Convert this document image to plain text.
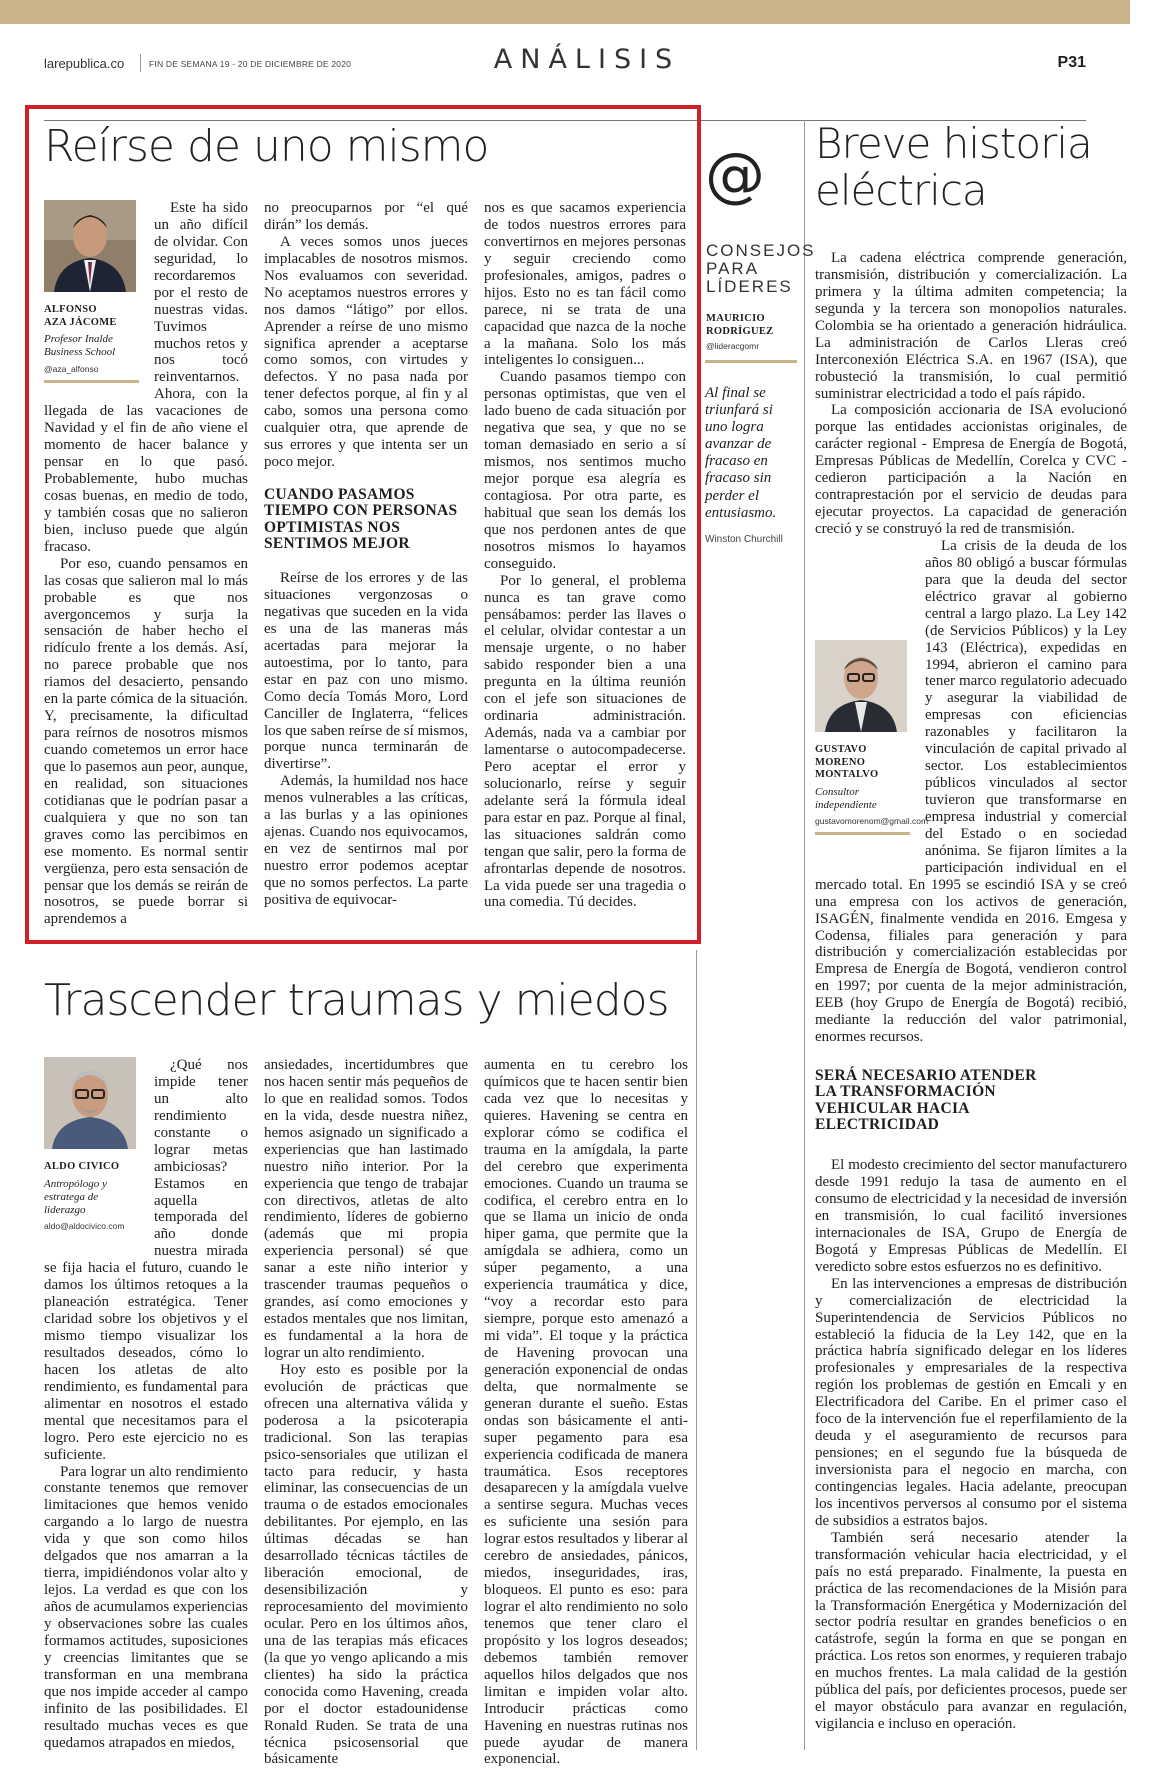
larepublica.co	FIN DE SEMANA 19 - 20 DE DICIEMBRE DE 2020	ANÁLISIS	P31
Reírse de uno mismo
ALFONSO
AZA JÁCOME
Profesor Inalde
Business School
@aza_alfonso

Este ha sido un año difícil de olvidar. Con seguridad, lo recordaremos por el resto de nuestras vidas. Tuvimos muchos retos y nos tocó reinventarnos.

Ahora, con la llegada de las vacaciones de Navidad y el fin de año viene el momento de hacer balance y pensar en lo que pasó. Probablemente, hubo muchas cosas buenas, en medio de todo, y también cosas que no salieron bien, incluso puede que algún fracaso.

Por eso, cuando pensamos en las cosas que salieron mal lo más probable es que nos avergoncemos y surja la sensación de haber hecho el ridículo frente a los demás. Así, no parece probable que nos riamos del desacierto, pensando en la parte cómica de la situación. Y, precisamente, la dificultad para reírnos de nosotros mismos cuando cometemos un error hace que lo pasemos aun peor, aunque, en realidad, son situaciones cotidianas que le podrían pasar a cualquiera y que no son tan graves como las percibimos en ese momento. Es normal sentir vergüenza, pero esta sensación de pensar que los demás se reirán de nosotros, se puede borrar si aprendemos a

no preocuparnos por “el qué dirán” los demás.

A veces somos unos jueces implacables de nosotros mismos. Nos evaluamos con severidad. No aceptamos nuestros errores y nos damos “látigo” por ellos. Aprender a reírse de uno mismo significa aprender a aceptarse como somos, con virtudes y defectos. Y no pasa nada por tener defectos porque, al fin y al cabo, somos una persona como cualquier otra, que aprende de sus errores y que intenta ser un poco mejor.

CUANDO PASAMOS TIEMPO CON PERSONAS OPTIMISTAS NOS SENTIMOS MEJOR

Reírse de los errores y de las situaciones vergonzosas o negativas que suceden en la vida es una de las maneras más acertadas para mejorar la autoestima, por lo tanto, para estar en paz con uno mismo. Como decía Tomás Moro, Lord Canciller de Inglaterra, “felices los que saben reírse de sí mismos, porque nunca terminarán de divertirse”.

Además, la humildad nos hace menos vulnerables a las críticas, a las burlas y a las opiniones ajenas. Cuando nos equivocamos, en vez de sentirnos mal por nuestro error podemos aceptar que no somos perfectos. La parte positiva de equivocar-

nos es que sacamos experiencia de todos nuestros errores para convertirnos en mejores personas y seguir creciendo como profesionales, amigos, padres o hijos. Esto no es tan fácil como parece, ni se trata de una capacidad que nazca de la noche a la mañana. Solo los más inteligentes lo consiguen...

Cuando pasamos tiempo con personas optimistas, que ven el lado bueno de cada situación por negativa que sea, y que no se toman demasiado en serio a sí mismos, nos sentimos mucho mejor porque esa alegría es contagiosa. Por otra parte, es habitual que sean los demás los que nos perdonen antes de que nosotros mismos lo hayamos conseguido.

Por lo general, el problema nunca es tan grave como pensábamos: perder las llaves o el celular, olvidar contestar a un mensaje urgente, o no haber sabido responder bien a una pregunta en la última reunión con el jefe son situaciones de ordinaria administración. Además, nada va a cambiar por lamentarse o autocompadecerse. Pero aceptar el error y solucionarlo, reírse y seguir adelante será la fórmula ideal para estar en paz. Porque al final, las situaciones saldrán como tengan que salir, pero la forma de afrontarlas depende de nosotros. La vida puede ser una tragedia o una comedia. Tú decides.

@
CONSEJOS
PARA
LÍDERES
MAURICIO
RODRÍGUEZ
@lideracgomr
Al final se triunfará si uno logra avanzar de fracaso en fracaso sin perder el entusiasmo.
Winston Churchill
Trascender traumas y miedos
ALDO CIVICO
Antropólogo y
estratega de
liderazgo
aldo@aldocivico.com

¿Qué nos impide tener un alto rendimiento constante o lograr metas ambiciosas? Estamos en aquella temporada del año donde nuestra mirada se fija hacia el futuro, cuando le damos los últimos retoques a la planeación estratégica. Tener claridad sobre los objetivos y el mismo tiempo visualizar los resultados deseados, cómo lo hacen los atletas de alto rendimiento, es fundamental para alimentar en nosotros el estado mental que necesitamos para el logro. Pero este ejercicio no es suficiente.

Para lograr un alto rendimiento constante tenemos que remover limitaciones que hemos venido cargando a lo largo de nuestra vida y que son como hilos delgados que nos amarran a la tierra, impidiéndonos volar alto y lejos. La verdad es que con los años de acumulamos experiencias y observaciones sobre las cuales formamos actitudes, suposiciones y creencias limitantes que se transforman en una membrana que nos impide acceder al campo infinito de las posibilidades. El resultado muchas veces es que quedamos atrapados en miedos,

ansiedades, incertidumbres que nos hacen sentir más pequeños de lo que en realidad somos. Todos en la vida, desde nuestra niñez, hemos asignado un significado a experiencias que han lastimado nuestro niño interior. Por la experiencia que tengo de trabajar con directivos, atletas de alto rendimiento, líderes de gobierno (además que mi propia experiencia personal) sé que sanar a este niño interior y trascender traumas pequeños o grandes, así como emociones y estados mentales que nos limitan, es fundamental a la hora de lograr un alto rendimiento.

Hoy esto es posible por la evolución de prácticas que ofrecen una alternativa válida y poderosa a la psicoterapia tradicional. Son las terapias psico-sensoriales que utilizan el tacto para reducir, y hasta eliminar, las consecuencias de un trauma o de estados emocionales debilitantes. Por ejemplo, en las últimas décadas se han desarrollado técnicas táctiles de liberación emocional, de desensibilización y reprocesamiento del movimiento ocular. Pero en los últimos años, una de las terapias más eficaces (la que yo vengo aplicando a mis clientes) ha sido la práctica conocida como Havening, creada por el doctor estadounidense Ronald Ruden. Se trata de una técnica psicosensorial que básicamente

aumenta en tu cerebro los químicos que te hacen sentir bien cada vez que lo necesitas y quieres. Havening se centra en explorar cómo se codifica el trauma en la amígdala, la parte del cerebro que experimenta emociones. Cuando un trauma se codifica, el cerebro entra en lo que se llama un inicio de onda hiper gama, que permite que la amígdala se adhiera, como un súper pegamento, a una experiencia traumática y dice, “voy a recordar esto para siempre, porque esto amenazó a mi vida”. El toque y la práctica de Havening provocan una generación exponencial de ondas delta, que normalmente se generan durante el sueño. Estas ondas son básicamente el anti-super pegamento para esa experiencia codificada de manera traumática. Esos receptores desaparecen y la amígdala vuelve a sentirse segura. Muchas veces es suficiente una sesión para lograr estos resultados y liberar al cerebro de ansiedades, pánicos, miedos, inseguridades, iras, bloqueos. El punto es eso: para lograr el alto rendimiento no solo tenemos que tener claro el propósito y los logros deseados; debemos también remover aquellos hilos delgados que nos limitan e impiden volar alto. Introducir prácticas como Havening en nuestras rutinas nos puede ayudar de manera exponencial.

Breve historia
eléctrica
GUSTAVO
MORENO
MONTALVO
Consultor
independiente
gustavomorenom@gmail.com

La cadena eléctrica comprende generación, transmisión, distribución y comercialización. La primera y la última admiten competencia; la segunda y la tercera son monopolios naturales. Colombia se ha orientado a generación hidráulica. La administración de Carlos Lleras creó Interconexión Eléctrica S.A. en 1967 (ISA), que robusteció la transmisión, lo cual permitió suministrar electricidad a todo el país rápido.

La composición accionaria de ISA evolucionó porque las entidades accionistas originales, de carácter regional - Empresa de Energía de Bogotá, Empresas Públicas de Medellín, Corelca y CVC - cedieron participación a la Nación en contraprestación por el servicio de deudas para ejecutar proyectos. La capacidad de generación creció y se construyó la red de transmisión.

La crisis de la deuda de los años 80 obligó a buscar fórmulas para que la deuda del sector eléctrico gravar al gobierno central a largo plazo. La Ley 142 (de Servicios Públicos) y la Ley 143 (Eléctrica), expedidas en 1994, abrieron el camino para tener marco regulatorio adecuado y asegurar la viabilidad de empresas con eficiencias razonables y facilitaron la vinculación de capital privado al sector. Los establecimientos públicos vinculados al sector tuvieron que transformarse en empresa industrial y comercial del Estado o en sociedad anónima. Se fijaron límites a la participación individual en el mercado total. En 1995 se escindió ISA y se creó una empresa con los activos de generación, ISAGÉN, finalmente vendida en 2016. Emgesa y Codensa, filiales para generación y para distribución y comercialización establecidas por Empresa de Energía de Bogotá, vendieron control en 1997; por cuenta de la mejor administración, EEB (hoy Grupo de Energía de Bogotá) recibió, mediante la reducción del valor patrimonial, enormes recursos.

SERÁ NECESARIO ATENDER LA TRANSFORMACIÓN VEHICULAR HACIA ELECTRICIDAD

El modesto crecimiento del sector manufacturero desde 1991 redujo la tasa de aumento en el consumo de electricidad y la necesidad de inversión en transmisión, lo cual facilitó inversiones internacionales de ISA, Grupo de Energía de Bogotá y Empresas Públicas de Medellín. El veredicto sobre estos esfuerzos no es definitivo.

En las intervenciones a empresas de distribución y comercialización de electricidad la Superintendencia de Servicios Públicos no estableció la fiducia de la Ley 142, que en la práctica habría significado delegar en los líderes profesionales y empresariales de la respectiva región los problemas de gestión en Emcali y en Electrificadora del Caribe. En el primer caso el foco de la intervención fue el reperfilamiento de la deuda y el aseguramiento de recursos para pensiones; en el segundo fue la búsqueda de inversionista para el negocio en marcha, con contingencias legales. Hacia adelante, preocupan los incentivos perversos al consumo por el sistema de subsidios a estratos bajos.

También será necesario atender la transformación vehicular hacia electricidad, y el país no está preparado. Finalmente, la puesta en práctica de las recomendaciones de la Misión para la Transformación Energética y Modernización del sector podría resultar en grandes beneficios o en catástrofe, según la forma en que se pongan en práctica. Los retos son enormes, y requieren trabajo en muchos frentes. La mala calidad de la gestión pública del país, por deficientes procesos, puede ser el mayor obstáculo para avanzar en regulación, vigilancia e incluso en operación.
